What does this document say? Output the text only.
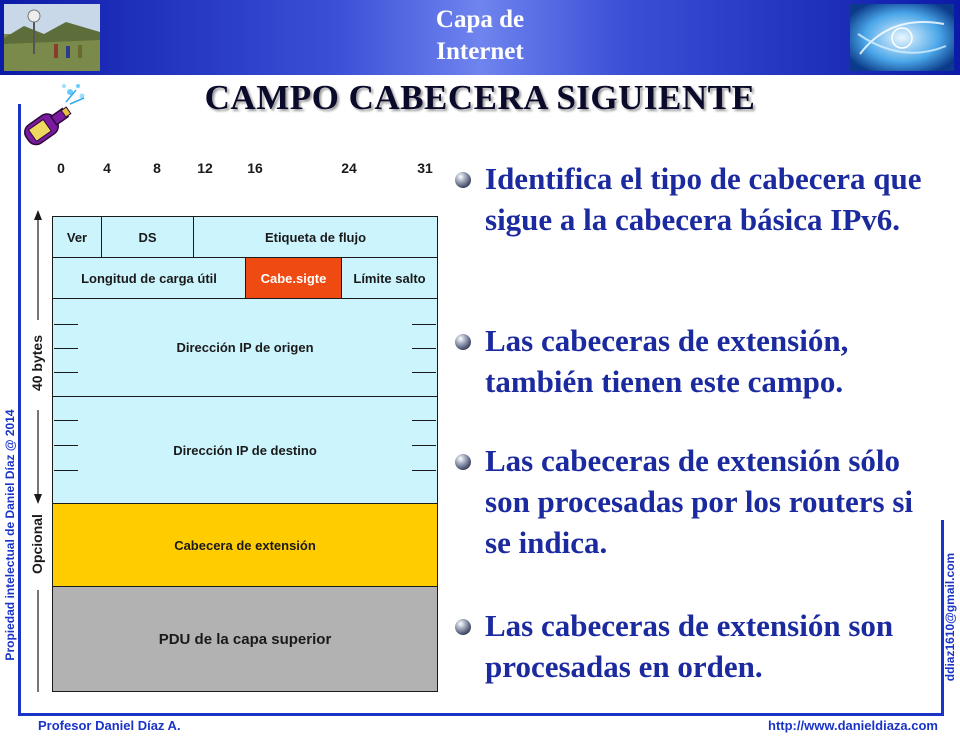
Capa de
Internet
CAMPO CABECERA SIGUIENTE
Propiedad intelectual de Daniel Díaz @ 2014	ddiaz1610@gmail.com
Profesor Daniel Díaz A.	http://www.danieldiaza.com
0	4	8	12	16	24	31
40 bytes
Opcional
Ver	DS	Etiqueta de flujo
Longitud de carga útil	Cabe.sigte	Límite salto
Dirección IP de origen
Dirección IP de destino
Cabecera de extensión
PDU de la capa superior
Identifica el tipo de cabecera que sigue a la cabecera básica IPv6.
Las cabeceras de extensión, también tienen este campo.
Las cabeceras de extensión sólo son procesadas por los routers si se indica.
Las cabeceras de extensión son procesadas en orden.
